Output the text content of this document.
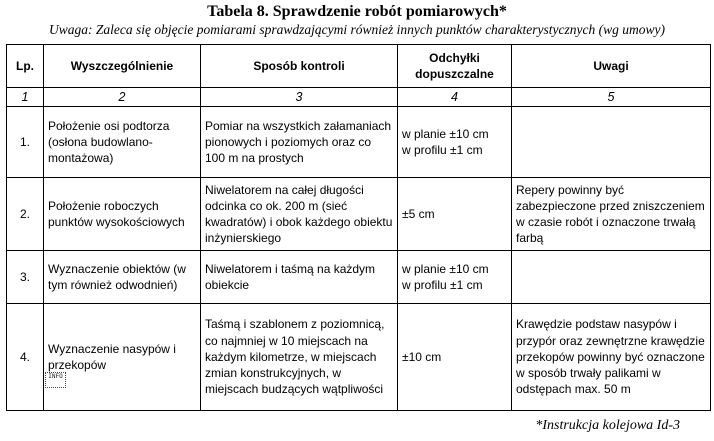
Tabela 8. Sprawdzenie robót pomiarowych*
Uwaga: Zaleca się objęcie pomiarami sprawdzającymi również innych punktów charakterystycznych (wg umowy)
Lp.	Wyszczególnienie	Sposób kontroli	Odchyłki dopuszczalne	Uwagi
1	2	3	4	5
1.	Położenie osi podtorza (osłona budowlano-montażowa)	Pomiar na wszystkich załamaniach pionowych i poziomych oraz co 100 m na prostych	w planie ±10 cm
w profilu ±1 cm	
2.	Położenie roboczych punktów wysokościowych	Niwelatorem na całej długości odcinka co ok. 200 m (sieć kwadratów) i obok każdego obiektu inżynierskiego	±5 cm	Repery powinny być zabezpieczone przed zniszczeniem w czasie robót i oznaczone trwałą farbą
3.	Wyznaczenie obiektów (w tym również odwodnień)	Niwelatorem i taśmą na każdym obiekcie	w planie ±10 cm
w profilu ±1 cm	
4.	Wyznaczenie nasypów i przekopów	Taśmą i szablonem z poziomnicą, co najmniej w 10 miejscach na każdym kilometrze, w miejscach zmian konstrukcyjnych, w miejscach budzących wątpliwości	±10 cm	Krawędzie podstaw nasypów i przypór oraz zewnętrzne krawędzie przekopów powinny być oznaczone w sposób trwały palikami w odstępach max. 50 m
INFO
*Instrukcja kolejowa Id-3
